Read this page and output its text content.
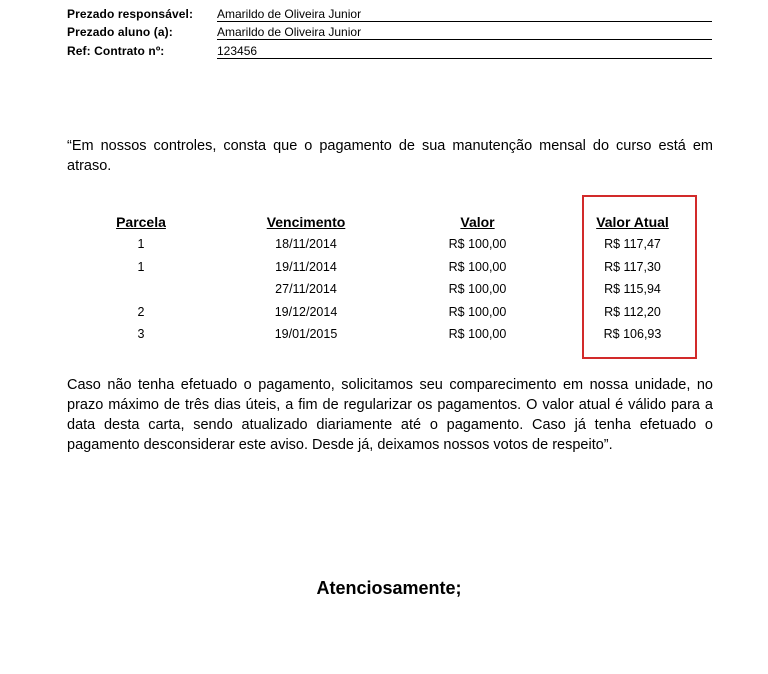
Prezado responsável: Amarildo de Oliveira Junior
Prezado aluno (a):	Amarildo de Oliveira Junior
Ref: Contrato nº:	123456

“Em nossos controles, consta que o pagamento de sua manutenção mensal do curso está em atraso.

Parcela	Vencimento	Valor	Valor Atual
1	18/11/2014	R$ 100,00	R$ 117,47
1	19/11/2014	R$ 100,00	R$ 117,30
	27/11/2014	R$ 100,00	R$ 115,94
2	19/12/2014	R$ 100,00	R$ 112,20
3	19/01/2015	R$ 100,00	R$ 106,93

Caso não tenha efetuado o pagamento, solicitamos seu comparecimento em nossa unidade, no prazo máximo de três dias úteis, a fim de regularizar os pagamentos. O valor atual é válido para a data desta carta, sendo atualizado diariamente até o pagamento. Caso já tenha efetuado o pagamento desconsiderar este aviso. Desde já, deixamos nossos votos de respeito”.

Atenciosamente;
